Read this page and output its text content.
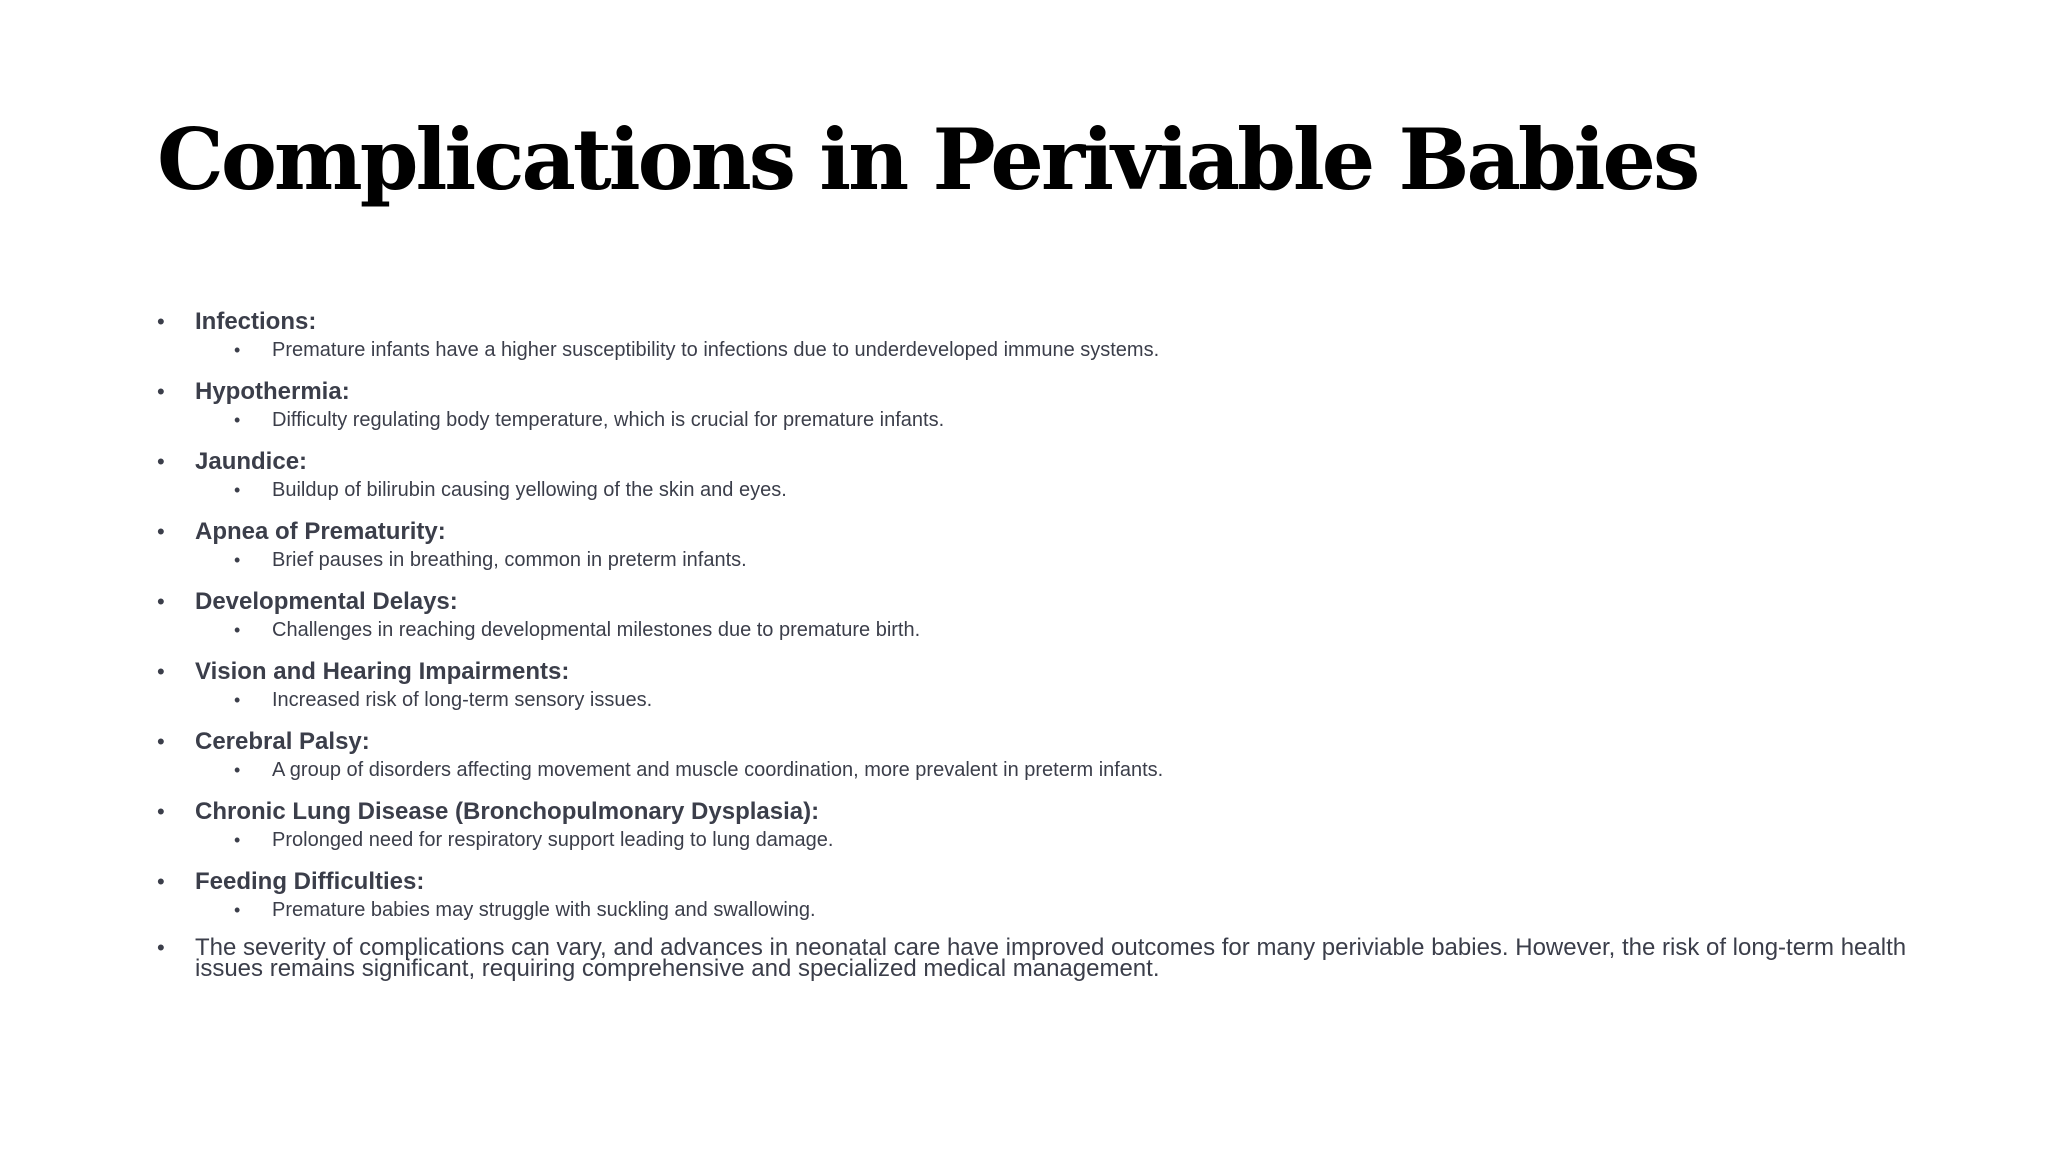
Complications in Periviable Babies
• Infections:
• Premature infants have a higher susceptibility to infections due to underdeveloped immune systems.
• Hypothermia:
• Difficulty regulating body temperature, which is crucial for premature infants.
• Jaundice:
• Buildup of bilirubin causing yellowing of the skin and eyes.
• Apnea of Prematurity:
• Brief pauses in breathing, common in preterm infants.
• Developmental Delays:
• Challenges in reaching developmental milestones due to premature birth.
• Vision and Hearing Impairments:
• Increased risk of long-term sensory issues.
• Cerebral Palsy:
• A group of disorders affecting movement and muscle coordination, more prevalent in preterm infants.
• Chronic Lung Disease (Bronchopulmonary Dysplasia):
• Prolonged need for respiratory support leading to lung damage.
• Feeding Difficulties:
• Premature babies may struggle with suckling and swallowing.
• The severity of complications can vary, and advances in neonatal care have improved outcomes for many periviable babies. However, the risk of long-term health issues remains significant, requiring comprehensive and specialized medical management.
